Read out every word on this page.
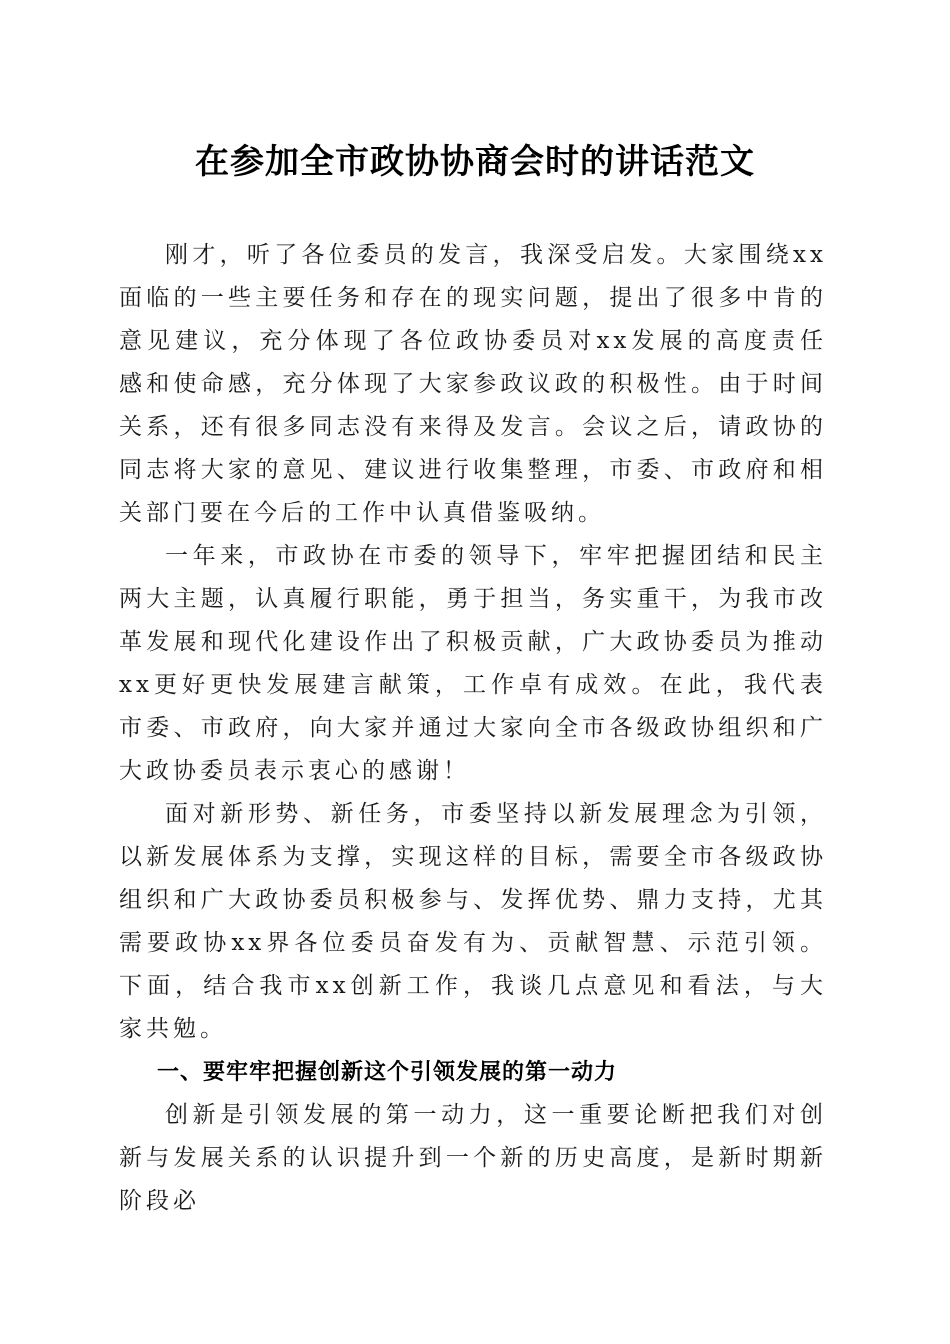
在参加全市政协协商会时的讲话范文

刚才，听了各位委员的发言，我深受启发。大家围绕xx面临的一些主要任务和存在的现实问题，提出了很多中肯的意见建议，充分体现了各位政协委员对xx发展的高度责任感和使命感，充分体现了大家参政议政的积极性。由于时间关系，还有很多同志没有来得及发言。会议之后，请政协的同志将大家的意见、建议进行收集整理，市委、市政府和相关部门要在今后的工作中认真借鉴吸纳。

一年来，市政协在市委的领导下，牢牢把握团结和民主两大主题，认真履行职能，勇于担当，务实重干，为我市改革发展和现代化建设作出了积极贡献，广大政协委员为推动xx更好更快发展建言献策，工作卓有成效。在此，我代表市委、市政府，向大家并通过大家向全市各级政协组织和广大政协委员表示衷心的感谢！

面对新形势、新任务，市委坚持以新发展理念为引领，以新发展体系为支撑，实现这样的目标，需要全市各级政协组织和广大政协委员积极参与、发挥优势、鼎力支持，尤其需要政协xx界各位委员奋发有为、贡献智慧、示范引领。下面，结合我市xx创新工作，我谈几点意见和看法，与大家共勉。

一、要牢牢把握创新这个引领发展的第一动力

创新是引领发展的第一动力，这一重要论断把我们对创新与发展关系的认识提升到一个新的历史高度，是新时期新阶段必
